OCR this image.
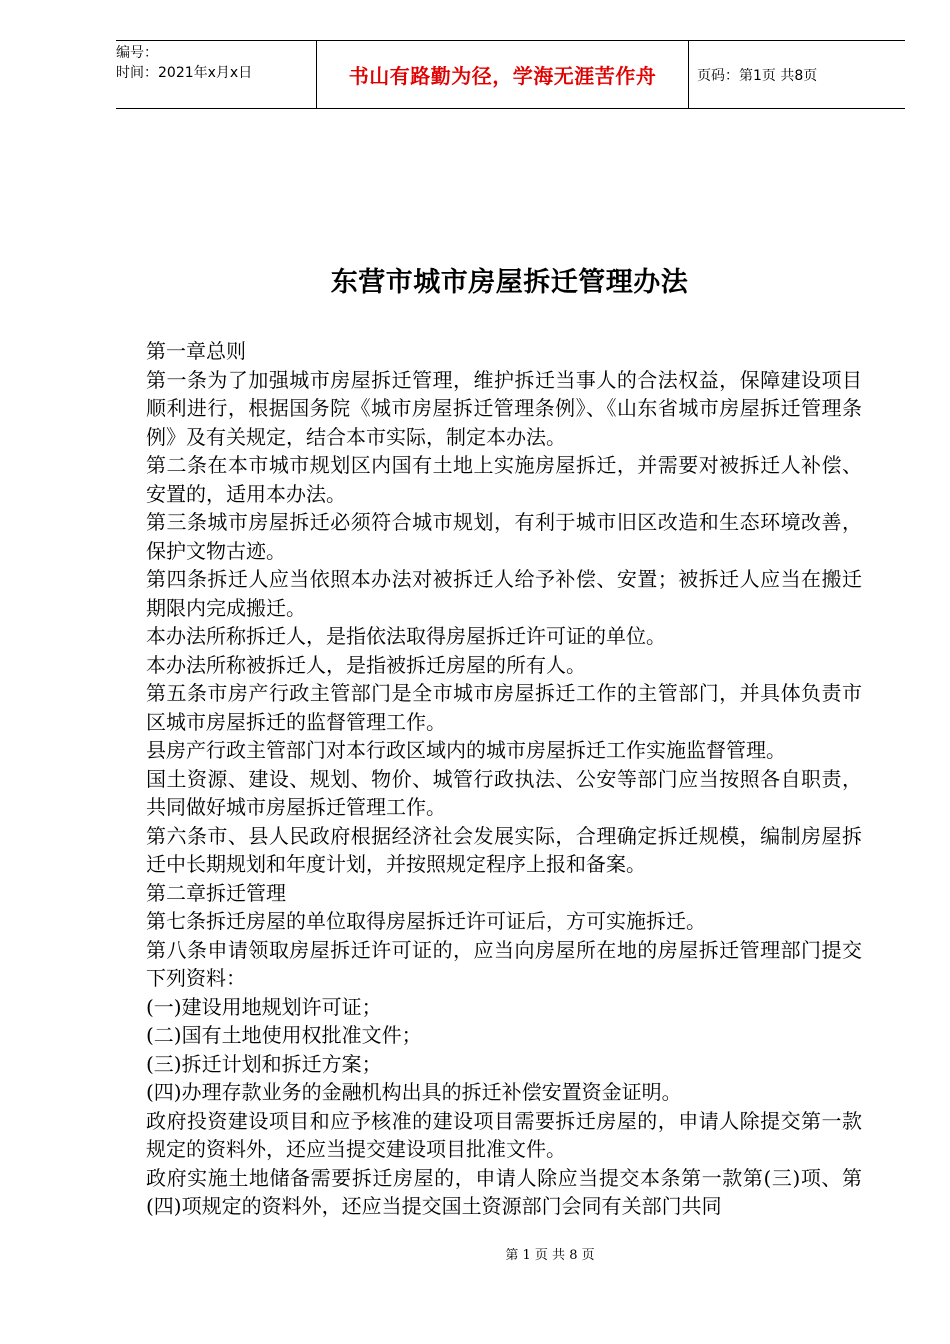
编号：
时间：2021年x月x日	书山有路勤为径，学海无涯苦作舟	页码：第1页 共8页
东营市城市房屋拆迁管理办法

第一章总则

第一条为了加强城市房屋拆迁管理，维护拆迁当事人的合法权益，保障建设项目顺利进行，根据国务院《城市房屋拆迁管理条例》、《山东省城市房屋拆迁管理条例》及有关规定，结合本市实际，制定本办法。

第二条在本市城市规划区内国有土地上实施房屋拆迁，并需要对被拆迁人补偿、安置的，适用本办法。

第三条城市房屋拆迁必须符合城市规划，有利于城市旧区改造和生态环境改善，保护文物古迹。

第四条拆迁人应当依照本办法对被拆迁人给予补偿、安置；被拆迁人应当在搬迁期限内完成搬迁。

本办法所称拆迁人，是指依法取得房屋拆迁许可证的单位。

本办法所称被拆迁人，是指被拆迁房屋的所有人。

第五条市房产行政主管部门是全市城市房屋拆迁工作的主管部门，并具体负责市区城市房屋拆迁的监督管理工作。

县房产行政主管部门对本行政区域内的城市房屋拆迁工作实施监督管理。

国土资源、建设、规划、物价、城管行政执法、公安等部门应当按照各自职责，共同做好城市房屋拆迁管理工作。

第六条市、县人民政府根据经济社会发展实际，合理确定拆迁规模，编制房屋拆迁中长期规划和年度计划，并按照规定程序上报和备案。

第二章拆迁管理

第七条拆迁房屋的单位取得房屋拆迁许可证后，方可实施拆迁。

第八条申请领取房屋拆迁许可证的，应当向房屋所在地的房屋拆迁管理部门提交下列资料：

(一)建设用地规划许可证；

(二)国有土地使用权批准文件；

(三)拆迁计划和拆迁方案；

(四)办理存款业务的金融机构出具的拆迁补偿安置资金证明。

政府投资建设项目和应予核准的建设项目需要拆迁房屋的，申请人除提交第一款规定的资料外，还应当提交建设项目批准文件。

政府实施土地储备需要拆迁房屋的，申请人除应当提交本条第一款第(三)项、第(四)项规定的资料外，还应当提交国土资源部门会同有关部门共同

第 1 页 共 8 页
